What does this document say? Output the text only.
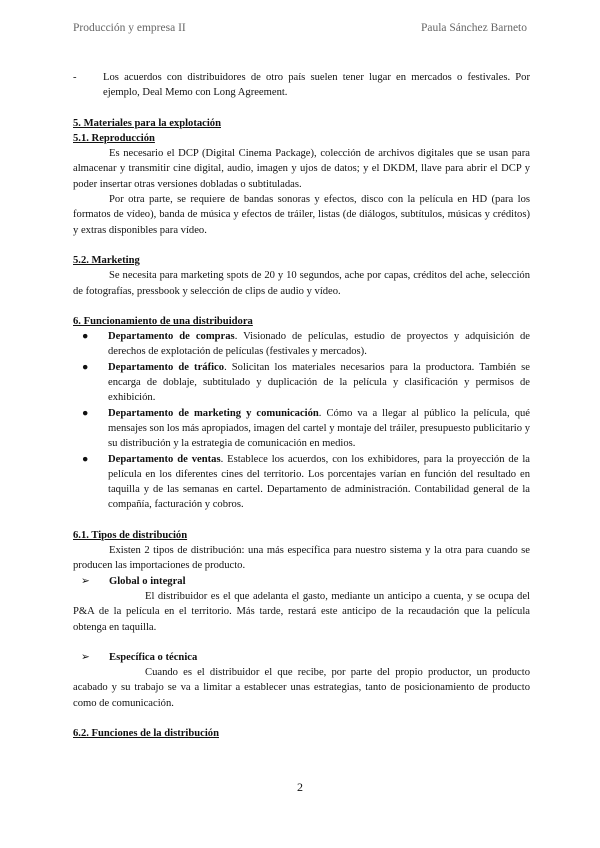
Producción y empresa II	Paula Sánchez Barneto
-	Los acuerdos con distribuidores de otro país suelen tener lugar en mercados o festivales. Por ejemplo, Deal Memo con Long Agreement.
5. Materiales para la explotación
5.1. Reproducción

Es necesario el DCP (Digital Cinema Package), colección de archivos digitales que se usan para almacenar y transmitir cine digital, audio, imagen y ujos de datos; y el DKDM, llave para abrir el DCP y poder insertar otras versiones dobladas o subtituladas.

Por otra parte, se requiere de bandas sonoras y efectos, disco con la película en HD (para los formatos de vídeo), banda de música y efectos de tráiler, listas (de diálogos, subtítulos, músicas y créditos) y extras disponibles para vídeo.

5.2. Marketing

Se necesita para marketing spots de 20 y 10 segundos, ache por capas, créditos del ache, selección de fotografías, pressbook y selección de clips de audio y vídeo.

6. Funcionamiento de una distribuidora
●	Departamento de compras. Visionado de películas, estudio de proyectos y adquisición de derechos de explotación de películas (festivales y mercados).
●	Departamento de tráfico. Solicitan los materiales necesarios para la productora. También se encarga de doblaje, subtitulado y duplicación de la película y clasificación y permisos de exhibición.
●	Departamento de marketing y comunicación. Cómo va a llegar al público la película, qué mensajes son los más apropiados, imagen del cartel y montaje del tráiler, presupuesto publicitario y su distribución y la estrategia de comunicación en medios.
●	Departamento de ventas. Establece los acuerdos, con los exhibidores, para la proyección de la película en los diferentes cines del territorio. Los porcentajes varían en función del resultado en taquilla y de las semanas en cartel. Departamento de administración. Contabilidad general de la compañía, facturación y cobros.
6.1. Tipos de distribución

Existen 2 tipos de distribución: una más específica para nuestro sistema y la otra para cuando se producen las importaciones de producto.

➢	Global o integral

El distribuidor es el que adelanta el gasto, mediante un anticipo a cuenta, y se ocupa del P&A de la película en el territorio. Más tarde, restará este anticipo de la recaudación que la película obtenga en taquilla.

➢	Específica o técnica

Cuando es el distribuidor el que recibe, por parte del propio productor, un producto acabado y su trabajo se va a limitar a establecer unas estrategias, tanto de posicionamiento de producto como de comunicación.

6.2. Funciones de la distribución
2
